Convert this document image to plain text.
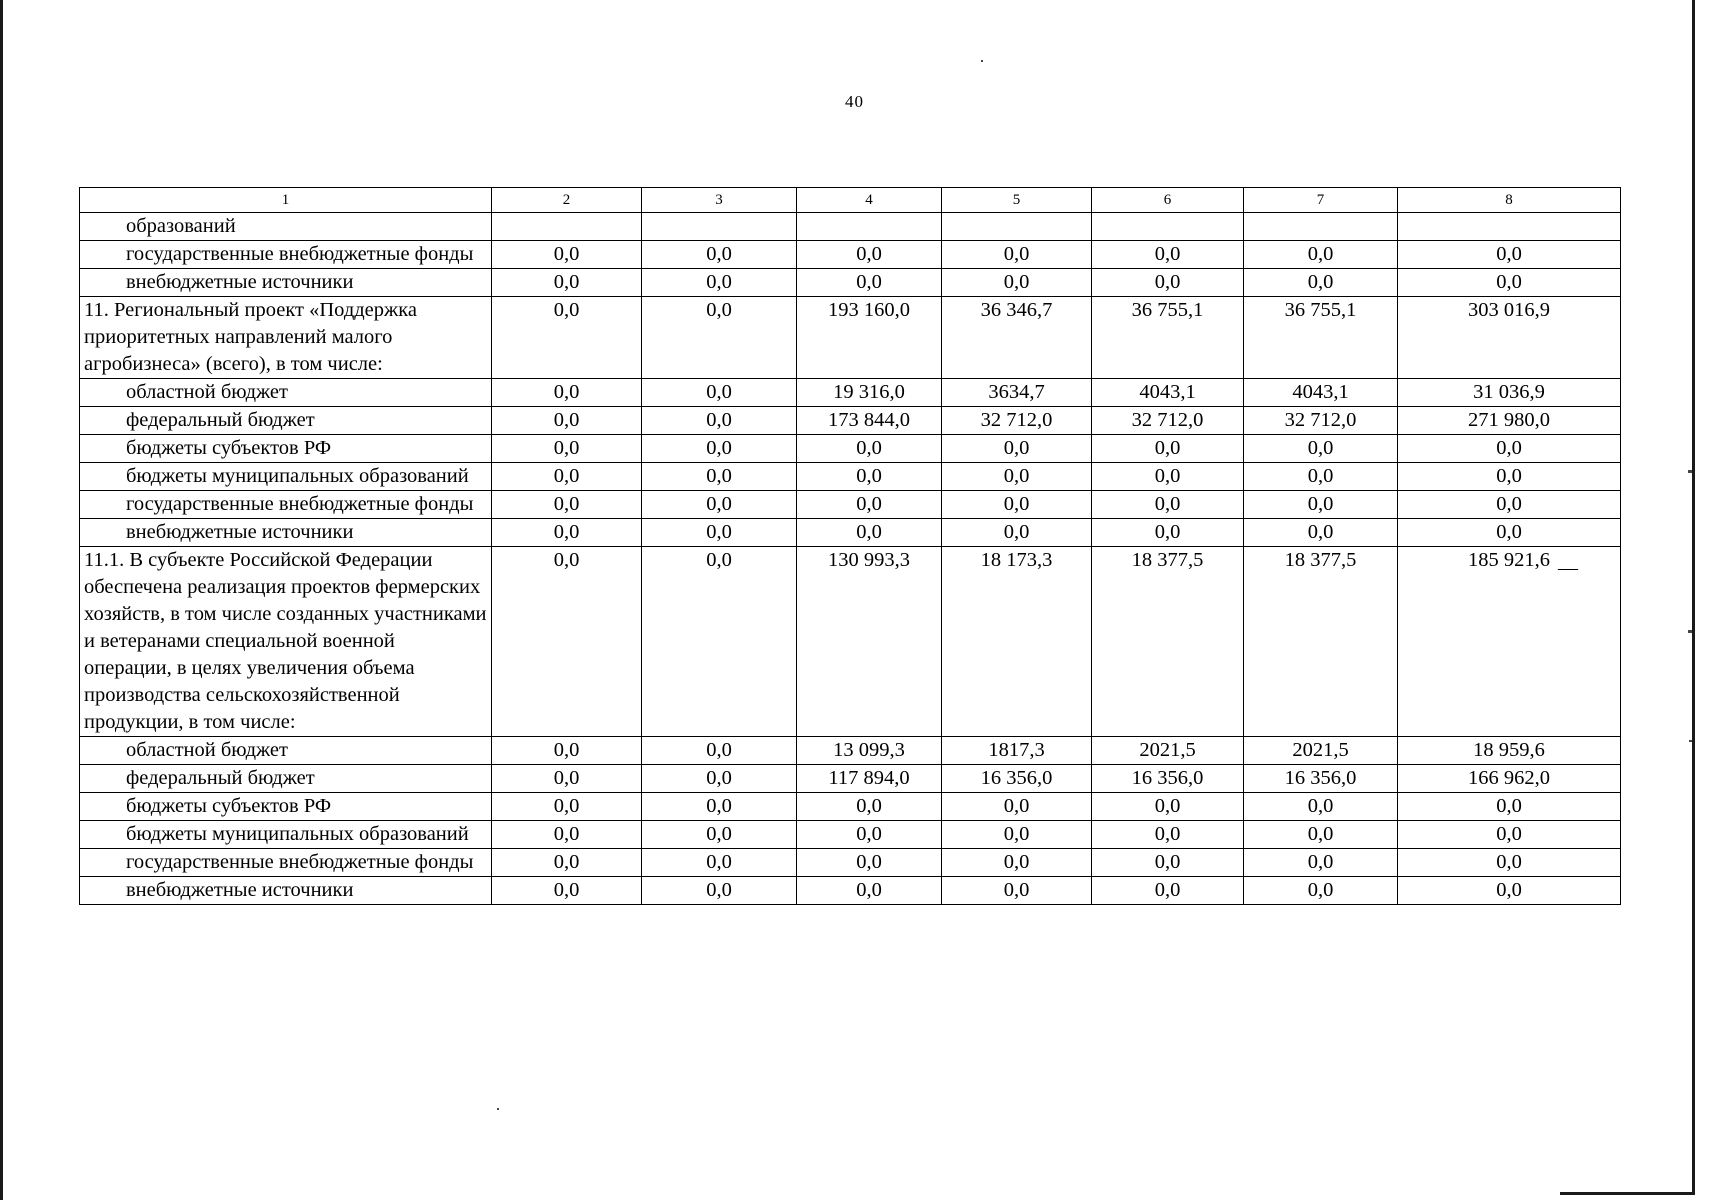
40
1	2	3	4	5	6	7	8
образований							
государственные внебюджетные фонды	0,0	0,0	0,0	0,0	0,0	0,0	0,0
внебюджетные источники	0,0	0,0	0,0	0,0	0,0	0,0	0,0
11. Региональный проект «Поддержка приоритетных направлений малого агробизнеса» (всего), в том числе:	0,0	0,0	193 160,0	36 346,7	36 755,1	36 755,1	303 016,9
областной бюджет	0,0	0,0	19 316,0	3634,7	4043,1	4043,1	31 036,9
федеральный бюджет	0,0	0,0	173 844,0	32 712,0	32 712,0	32 712,0	271 980,0
бюджеты субъектов РФ	0,0	0,0	0,0	0,0	0,0	0,0	0,0
бюджеты муниципальных образований	0,0	0,0	0,0	0,0	0,0	0,0	0,0
государственные внебюджетные фонды	0,0	0,0	0,0	0,0	0,0	0,0	0,0
внебюджетные источники	0,0	0,0	0,0	0,0	0,0	0,0	0,0
11.1. В субъекте Российской Федерации обеспечена реализация проектов фермерских хозяйств, в том числе созданных участниками и ветеранами специальной военной операции, в целях увеличения объема производства сельскохозяйственной продукции, в том числе:	0,0	0,0	130 993,3	18 173,3	18 377,5	18 377,5	185 921,6
областной бюджет	0,0	0,0	13 099,3	1817,3	2021,5	2021,5	18 959,6
федеральный бюджет	0,0	0,0	117 894,0	16 356,0	16 356,0	16 356,0	166 962,0
бюджеты субъектов РФ	0,0	0,0	0,0	0,0	0,0	0,0	0,0
бюджеты муниципальных образований	0,0	0,0	0,0	0,0	0,0	0,0	0,0
государственные внебюджетные фонды	0,0	0,0	0,0	0,0	0,0	0,0	0,0
внебюджетные источники	0,0	0,0	0,0	0,0	0,0	0,0	0,0
—
